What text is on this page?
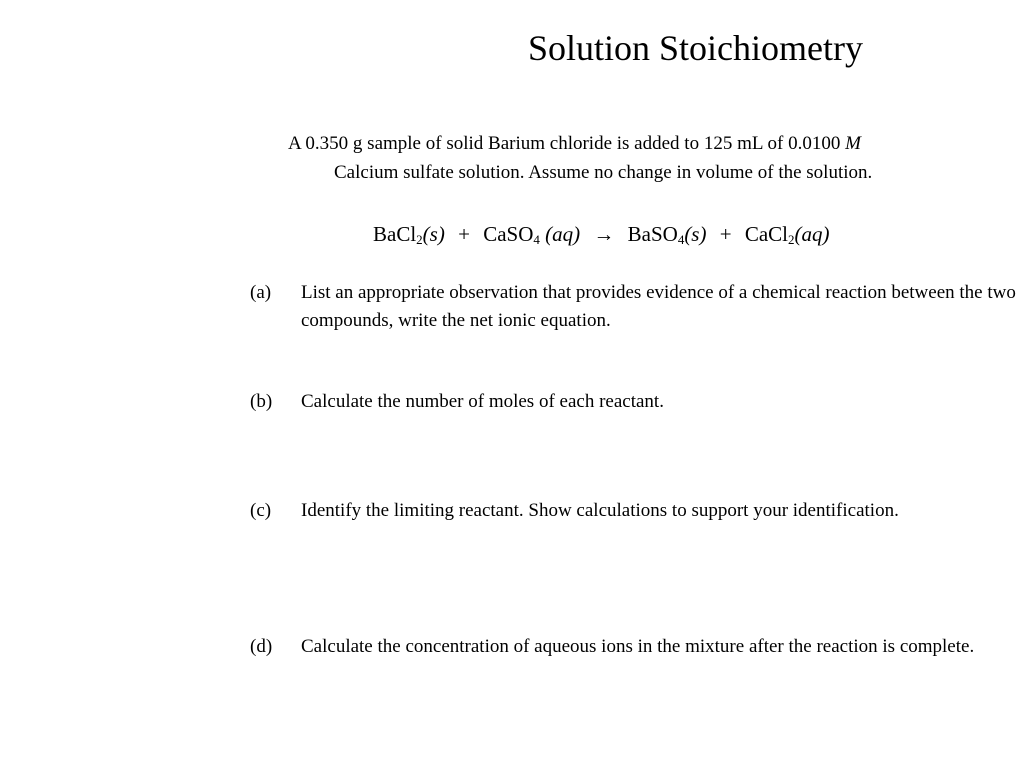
Solution Stoichiometry
A 0.350 g sample of solid Barium chloride is added to 125 mL of 0.0100 M
Calcium sulfate solution. Assume no change in volume of the solution.
BaCl$_2$(s) + CaSO$_4$ (aq) → BaSO$_4$(s) + CaCl$_2$(aq)
(a) List an appropriate observation that provides evidence of a chemical reaction between the two compounds, write the net ionic equation.
(b) Calculate the number of moles of each reactant.
(c) Identify the limiting reactant. Show calculations to support your identification.
(d) Calculate the concentration of aqueous ions in the mixture after the reaction is complete.
